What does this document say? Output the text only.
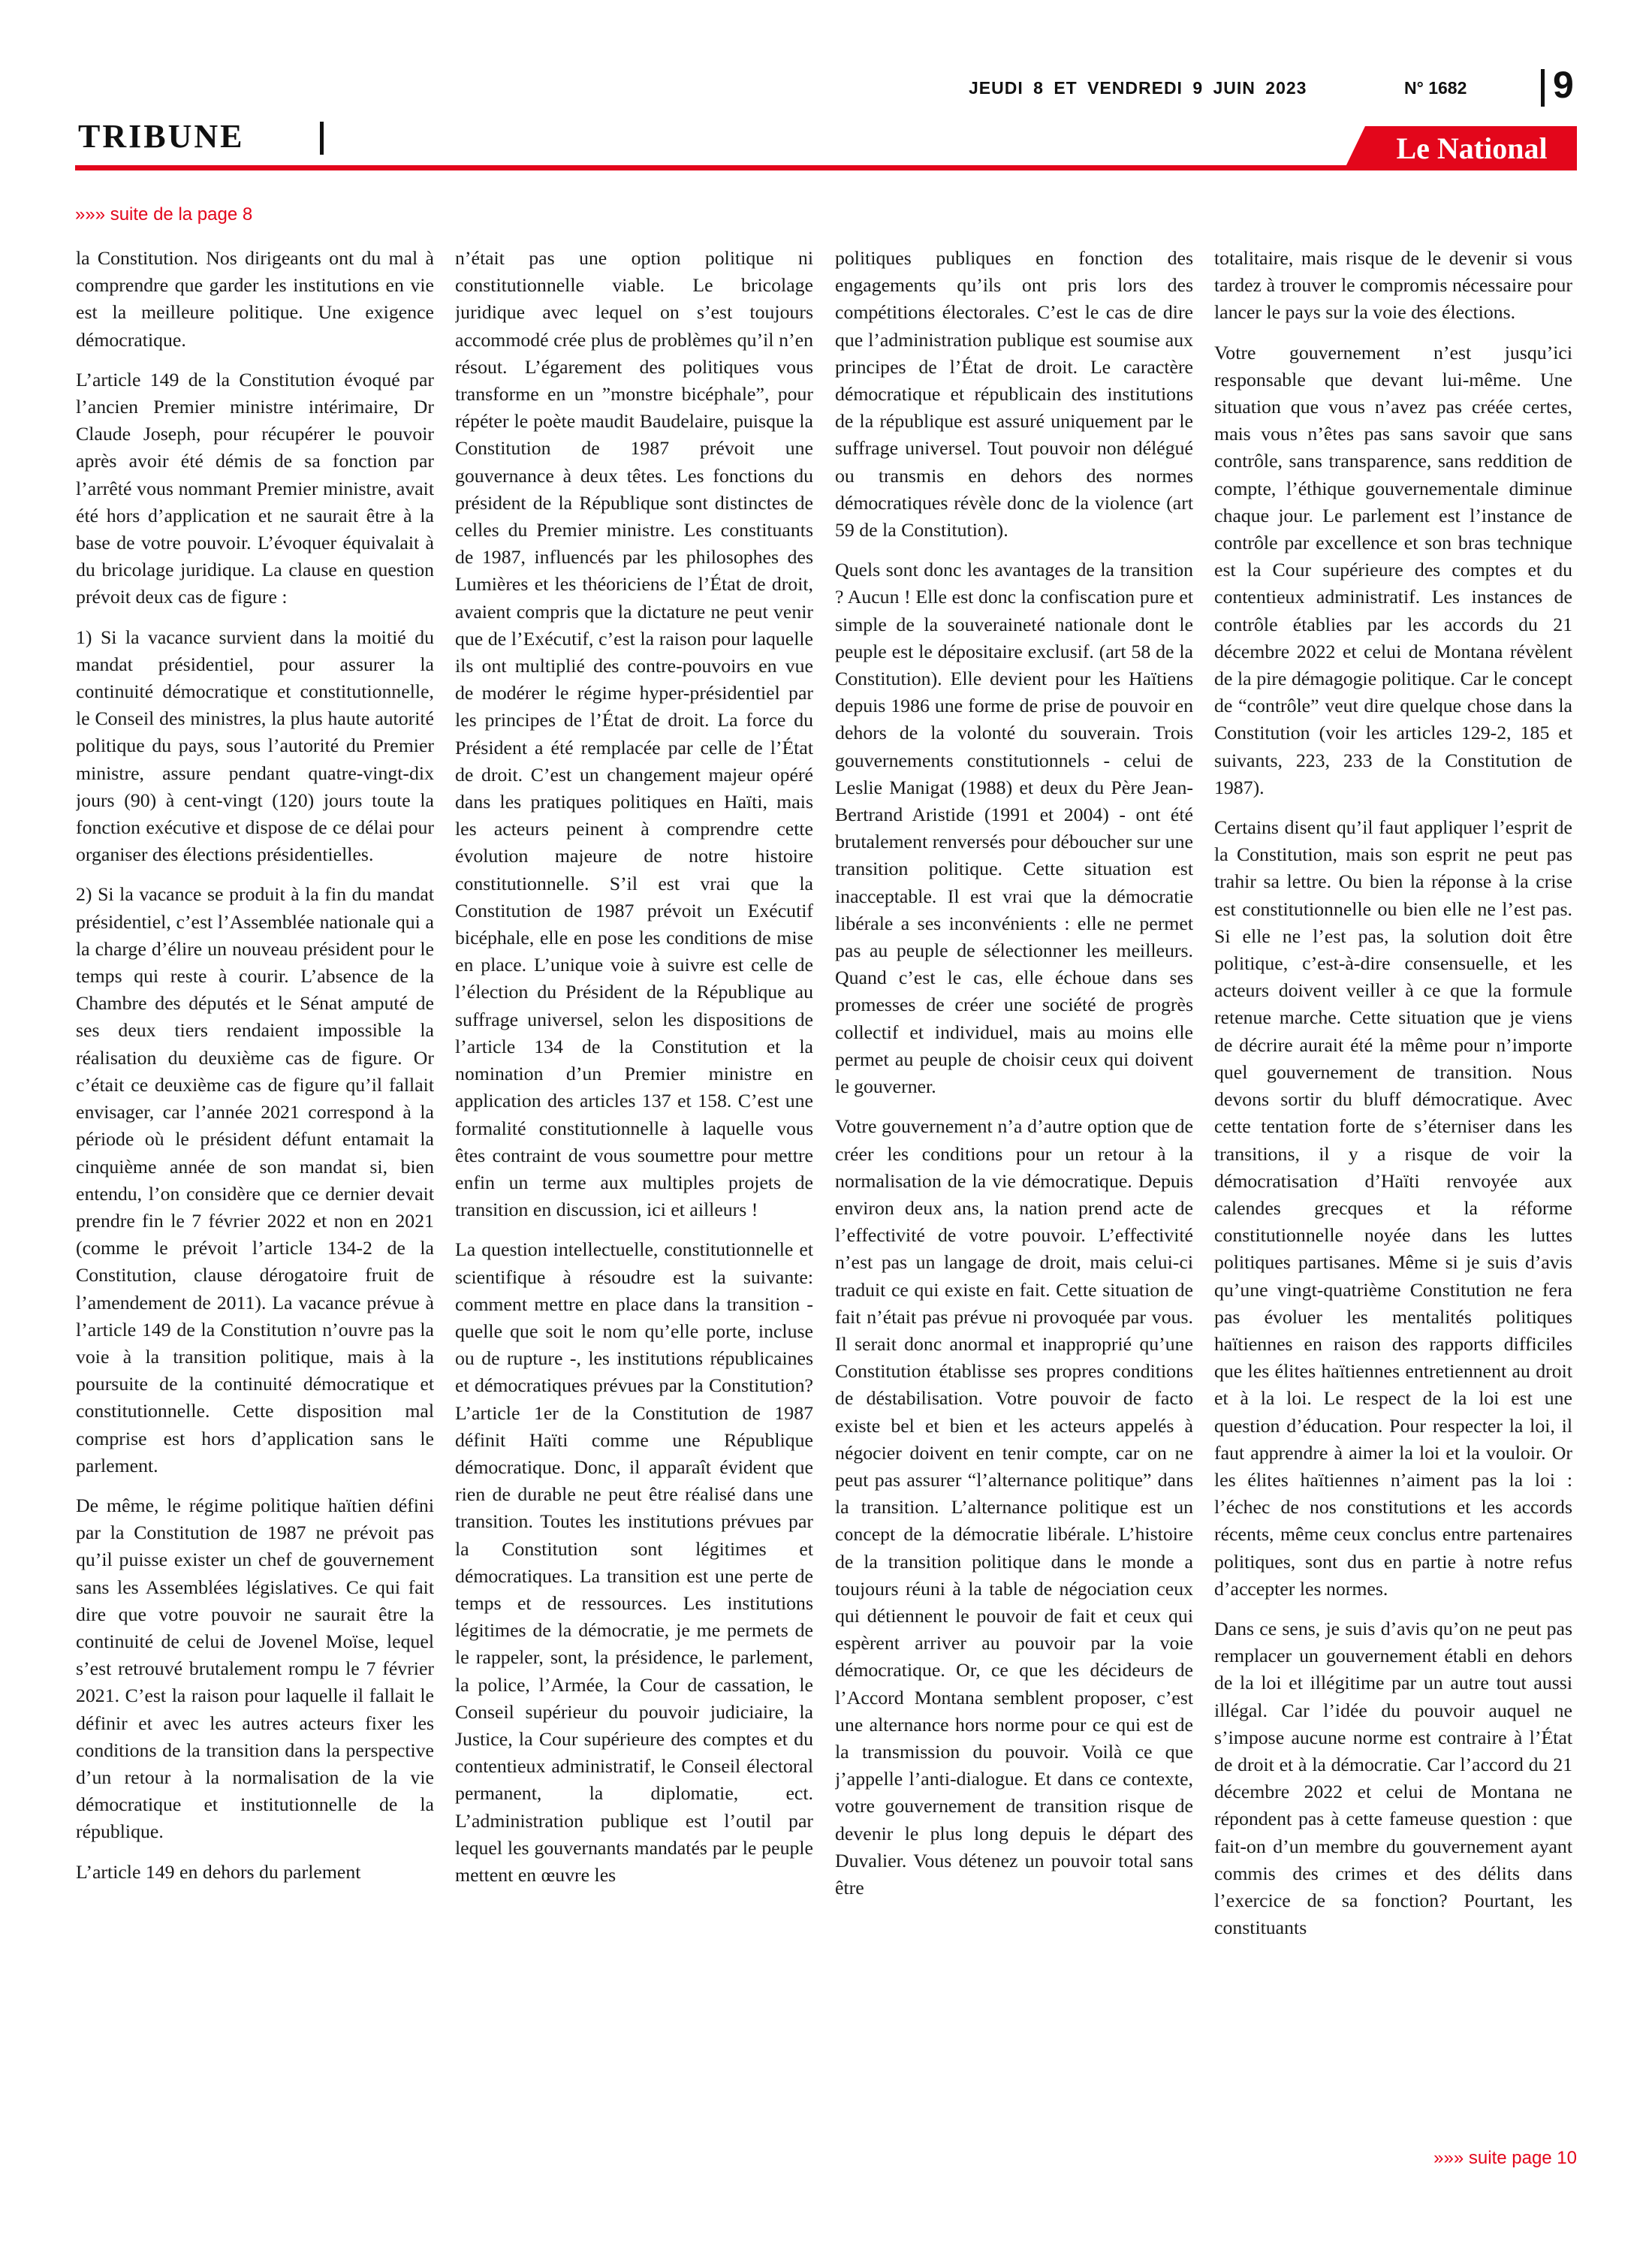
JEUDI 8 ET VENDREDI 9 JUIN 2023	N° 1682	9
TRIBUNE	Le National
»»» suite de la page 8

la Constitution. Nos dirigeants ont du mal à comprendre que garder les institutions en vie est la meilleure politique. Une exigence démocratique.

L’article 149 de la Constitution évoqué par l’ancien Premier ministre intérimaire, Dr Claude Joseph, pour récupérer le pouvoir après avoir été démis de sa fonction par l’arrêté vous nommant Premier ministre, avait été hors d’application et ne saurait être à la base de votre pouvoir. L’évoquer équivalait à du bricolage juridique. La clause en question prévoit deux cas de figure :

1) Si la vacance survient dans la moitié du mandat présidentiel, pour assurer la continuité démocratique et constitutionnelle, le Conseil des ministres, la plus haute autorité politique du pays, sous l’autorité du Premier ministre, assure pendant quatre-vingt-dix jours (90) à cent-vingt (120) jours toute la fonction exécutive et dispose de ce délai pour organiser des élections présidentielles.

2) Si la vacance se produit à la fin du mandat présidentiel, c’est l’Assemblée nationale qui a la charge d’élire un nouveau président pour le temps qui reste à courir. L’absence de la Chambre des députés et le Sénat amputé de ses deux tiers rendaient impossible la réalisation du deuxième cas de figure. Or c’était ce deuxième cas de figure qu’il fallait envisager, car l’année 2021 correspond à la période où le président défunt entamait la cinquième année de son mandat si, bien entendu, l’on considère que ce dernier devait prendre fin le 7 février 2022 et non en 2021 (comme le prévoit l’article 134-2 de la Constitution, clause dérogatoire fruit de l’amendement de 2011). La vacance prévue à l’article 149 de la Constitution n’ouvre pas la voie à la transition politique, mais à la poursuite de la continuité démocratique et constitutionnelle. Cette disposition mal comprise est hors d’application sans le parlement.

De même, le régime politique haïtien défini par la Constitution de 1987 ne prévoit pas qu’il puisse exister un chef de gouvernement sans les Assemblées législatives. Ce qui fait dire que votre pouvoir ne saurait être la continuité de celui de Jovenel Moïse, lequel s’est retrouvé brutalement rompu le 7 février 2021. C’est la raison pour laquelle il fallait le définir et avec les autres acteurs fixer les conditions de la transition dans la perspective d’un retour à la normalisation de la vie démocratique et institutionnelle de la république.

L’article 149 en dehors du parlement

n’était pas une option politique ni constitutionnelle viable. Le bricolage juridique avec lequel on s’est toujours accommodé crée plus de problèmes qu’il n’en résout. L’égarement des politiques vous transforme en un ”monstre bicéphale”, pour répéter le poète maudit Baudelaire, puisque la Constitution de 1987 prévoit une gouvernance à deux têtes. Les fonctions du président de la République sont distinctes de celles du Premier ministre. Les constituants de 1987, influencés par les philosophes des Lumières et les théoriciens de l’État de droit, avaient compris que la dictature ne peut venir que de l’Exécutif, c’est la raison pour laquelle ils ont multiplié des contre-pouvoirs en vue de modérer le régime hyper-présidentiel par les principes de l’État de droit. La force du Président a été remplacée par celle de l’État de droit. C’est un changement majeur opéré dans les pratiques politiques en Haïti, mais les acteurs peinent à comprendre cette évolution majeure de notre histoire constitutionnelle. S’il est vrai que la Constitution de 1987 prévoit un Exécutif bicéphale, elle en pose les conditions de mise en place. L’unique voie à suivre est celle de l’élection du Président de la République au suffrage universel, selon les dispositions de l’article 134 de la Constitution et la nomination d’un Premier ministre en application des articles 137 et 158. C’est une formalité constitutionnelle à laquelle vous êtes contraint de vous soumettre pour mettre enfin un terme aux multiples projets de transition en discussion, ici et ailleurs !

La question intellectuelle, constitutionnelle et scientifique à résoudre est la suivante: comment mettre en place dans la transition - quelle que soit le nom qu’elle porte, incluse ou de rupture -, les institutions républicaines et démocratiques prévues par la Constitution? L’article 1er de la Constitution de 1987 définit Haïti comme une République démocratique. Donc, il apparaît évident que rien de durable ne peut être réalisé dans une transition. Toutes les institutions prévues par la Constitution sont légitimes et démocratiques. La transition est une perte de temps et de ressources. Les institutions légitimes de la démocratie, je me permets de le rappeler, sont, la présidence, le parlement, la police, l’Armée, la Cour de cassation, le Conseil supérieur du pouvoir judiciaire, la Justice, la Cour supérieure des comptes et du contentieux administratif, le Conseil électoral permanent, la diplomatie, ect. L’administration publique est l’outil par lequel les gouvernants mandatés par le peuple mettent en œuvre les

politiques publiques en fonction des engagements qu’ils ont pris lors des compétitions électorales. C’est le cas de dire que l’administration publique est soumise aux principes de l’État de droit. Le caractère démocratique et républicain des institutions de la république est assuré uniquement par le suffrage universel. Tout pouvoir non délégué ou transmis en dehors des normes démocratiques révèle donc de la violence (art 59 de la Constitution).

Quels sont donc les avantages de la transition ? Aucun ! Elle est donc la confiscation pure et simple de la souveraineté nationale dont le peuple est le dépositaire exclusif. (art 58 de la Constitution). Elle devient pour les Haïtiens depuis 1986 une forme de prise de pouvoir en dehors de la volonté du souverain. Trois gouvernements constitutionnels - celui de Leslie Manigat (1988) et deux du Père Jean-Bertrand Aristide (1991 et 2004) - ont été brutalement renversés pour déboucher sur une transition politique. Cette situation est inacceptable. Il est vrai que la démocratie libérale a ses inconvénients : elle ne permet pas au peuple de sélectionner les meilleurs. Quand c’est le cas, elle échoue dans ses promesses de créer une société de progrès collectif et individuel, mais au moins elle permet au peuple de choisir ceux qui doivent le gouverner.

Votre gouvernement n’a d’autre option que de créer les conditions pour un retour à la normalisation de la vie démocratique. Depuis environ deux ans, la nation prend acte de l’effectivité de votre pouvoir. L’effectivité n’est pas un langage de droit, mais celui-ci traduit ce qui existe en fait. Cette situation de fait n’était pas prévue ni provoquée par vous. Il serait donc anormal et inapproprié qu’une Constitution établisse ses propres conditions de déstabilisation. Votre pouvoir de facto existe bel et bien et les acteurs appelés à négocier doivent en tenir compte, car on ne peut pas assurer “l’alternance politique” dans la transition. L’alternance politique est un concept de la démocratie libérale. L’histoire de la transition politique dans le monde a toujours réuni à la table de négociation ceux qui détiennent le pouvoir de fait et ceux qui espèrent arriver au pouvoir par la voie démocratique. Or, ce que les décideurs de l’Accord Montana semblent proposer, c’est une alternance hors norme pour ce qui est de la transmission du pouvoir. Voilà ce que j’appelle l’anti-dialogue. Et dans ce contexte, votre gouvernement de transition risque de devenir le plus long depuis le départ des Duvalier. Vous détenez un pouvoir total sans être

totalitaire, mais risque de le devenir si vous tardez à trouver le compromis nécessaire pour lancer le pays sur la voie des élections.

Votre gouvernement n’est jusqu’ici responsable que devant lui-même. Une situation que vous n’avez pas créée certes, mais vous n’êtes pas sans savoir que sans contrôle, sans transparence, sans reddition de compte, l’éthique gouvernementale diminue chaque jour. Le parlement est l’instance de contrôle par excellence et son bras technique est la Cour supérieure des comptes et du contentieux administratif. Les instances de contrôle établies par les accords du 21 décembre 2022 et celui de Montana révèlent de la pire démagogie politique. Car le concept de “contrôle” veut dire quelque chose dans la Constitution (voir les articles 129-2, 185 et suivants, 223, 233 de la Constitution de 1987).

Certains disent qu’il faut appliquer l’esprit de la Constitution, mais son esprit ne peut pas trahir sa lettre. Ou bien la réponse à la crise est constitutionnelle ou bien elle ne l’est pas. Si elle ne l’est pas, la solution doit être politique, c’est-à-dire consensuelle, et les acteurs doivent veiller à ce que la formule retenue marche. Cette situation que je viens de décrire aurait été la même pour n’importe quel gouvernement de transition. Nous devons sortir du bluff démocratique. Avec cette tentation forte de s’éterniser dans les transitions, il y a risque de voir la démocratisation d’Haïti renvoyée aux calendes grecques et la réforme constitutionnelle noyée dans les luttes politiques partisanes. Même si je suis d’avis qu’une vingt-quatrième Constitution ne fera pas évoluer les mentalités politiques haïtiennes en raison des rapports difficiles que les élites haïtiennes entretiennent au droit et à la loi. Le respect de la loi est une question d’éducation. Pour respecter la loi, il faut apprendre à aimer la loi et la vouloir. Or les élites haïtiennes n’aiment pas la loi : l’échec de nos constitutions et les accords récents, même ceux conclus entre partenaires politiques, sont dus en partie à notre refus d’accepter les normes.

Dans ce sens, je suis d’avis qu’on ne peut pas remplacer un gouvernement établi en dehors de la loi et illégitime par un autre tout aussi illégal. Car l’idée du pouvoir auquel ne s’impose aucune norme est contraire à l’État de droit et à la démocratie. Car l’accord du 21 décembre 2022 et celui de Montana ne répondent pas à cette fameuse question : que fait-on d’un membre du gouvernement ayant commis des crimes et des délits dans l’exercice de sa fonction? Pourtant, les constituants

»»» suite page 10
